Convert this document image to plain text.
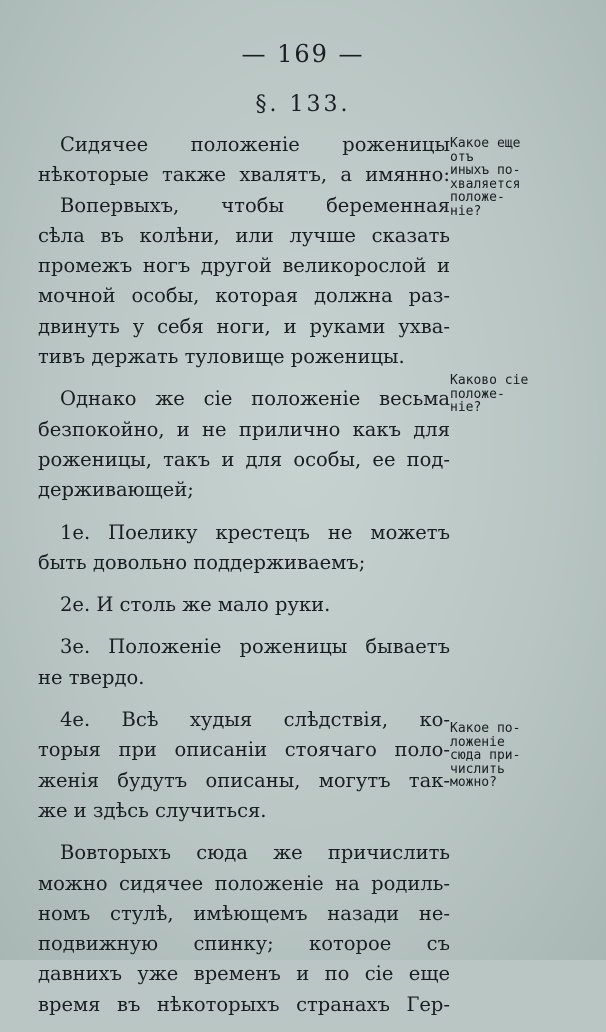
— 169 —
§. 133.
Сидячее положеніе роженицы
нѣкоторые также хвалятъ, а имянно:
Вопервыхъ, чтобы беременная
сѣла въ колѣни, или лучше сказать
промежъ ногъ другой великорослой и
мочной особы, которая должна раз-
двинуть у себя ноги, и руками ухва-
тивъ держать туловище роженицы.
Однако же сіе положеніе весьма
безпокойно, и не прилично какъ для
роженицы, такъ и для особы, ее под-
держивающей;
1е. Поелику крестецъ не можетъ
быть довольно поддерживаемъ;
2е. И столь же мало руки.
3е. Положеніе роженицы бываетъ
не твердо.
4е. Всѣ худыя слѣдствія, ко-
торыя при описаніи стоячаго поло-
женія будутъ описаны, могутъ так-
же и здѣсь случиться.
Вовторыхъ сюда же причислить
можно сидячее положеніе на родиль-
номъ стулѣ, имѣющемъ назади не-
подвижную спинку; которое съ
давнихъ уже временъ и по сіе еще
время въ нѣкоторыхъ странахъ Гер-
Какое еще
отъ
иныхъ по-
хваляется
положе-
ніе?
Каково сіе
положе-
ніе?
Какое по-
ложеніе
сюда при-
числить
можно?
